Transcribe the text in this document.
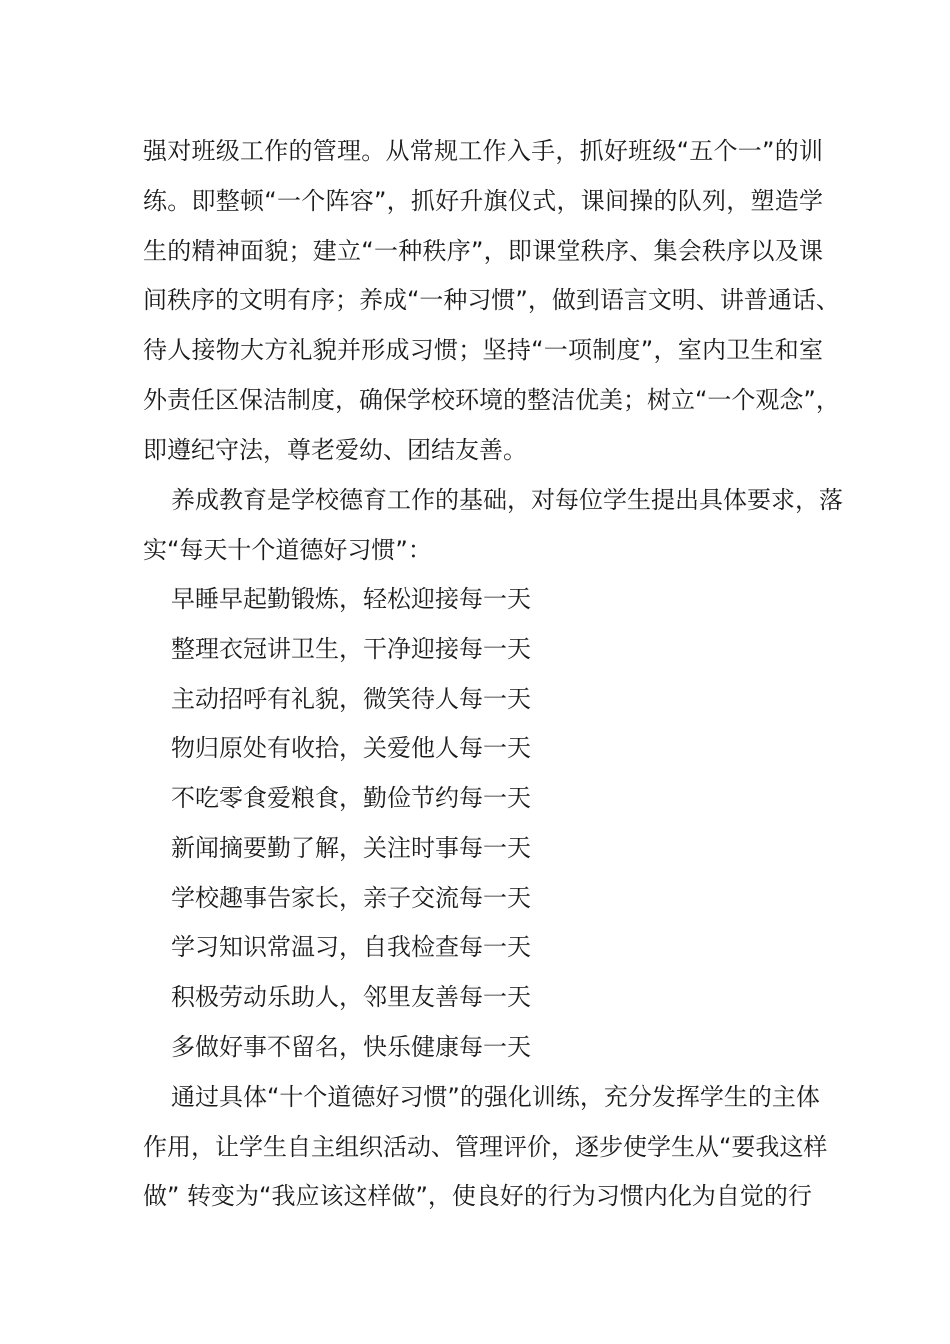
强对班级工作的管理。从常规工作入手，抓好班级“五个一”的训
练。即整顿“一个阵容”，抓好升旗仪式，课间操的队列，塑造学
生的精神面貌；建立“一种秩序”，即课堂秩序、集会秩序以及课
间秩序的文明有序；养成“一种习惯”，做到语言文明、讲普通话、
待人接物大方礼貌并形成习惯；坚持“一项制度”，室内卫生和室
外责任区保洁制度，确保学校环境的整洁优美；树立“一个观念”，
即遵纪守法，尊老爱幼、团结友善。
养成教育是学校德育工作的基础，对每位学生提出具体要求，落
实“每天十个道德好习惯”：
早睡早起勤锻炼，轻松迎接每一天
整理衣冠讲卫生，干净迎接每一天
主动招呼有礼貌，微笑待人每一天
物归原处有收拾，关爱他人每一天
不吃零食爱粮食，勤俭节约每一天
新闻摘要勤了解，关注时事每一天
学校趣事告家长，亲子交流每一天
学习知识常温习，自我检查每一天
积极劳动乐助人，邻里友善每一天
多做好事不留名，快乐健康每一天
通过具体“十个道德好习惯”的强化训练，充分发挥学生的主体
作用，让学生自主组织活动、管理评价，逐步使学生从“要我这样
做” 转变为“我应该这样做”，使良好的行为习惯内化为自觉的行
